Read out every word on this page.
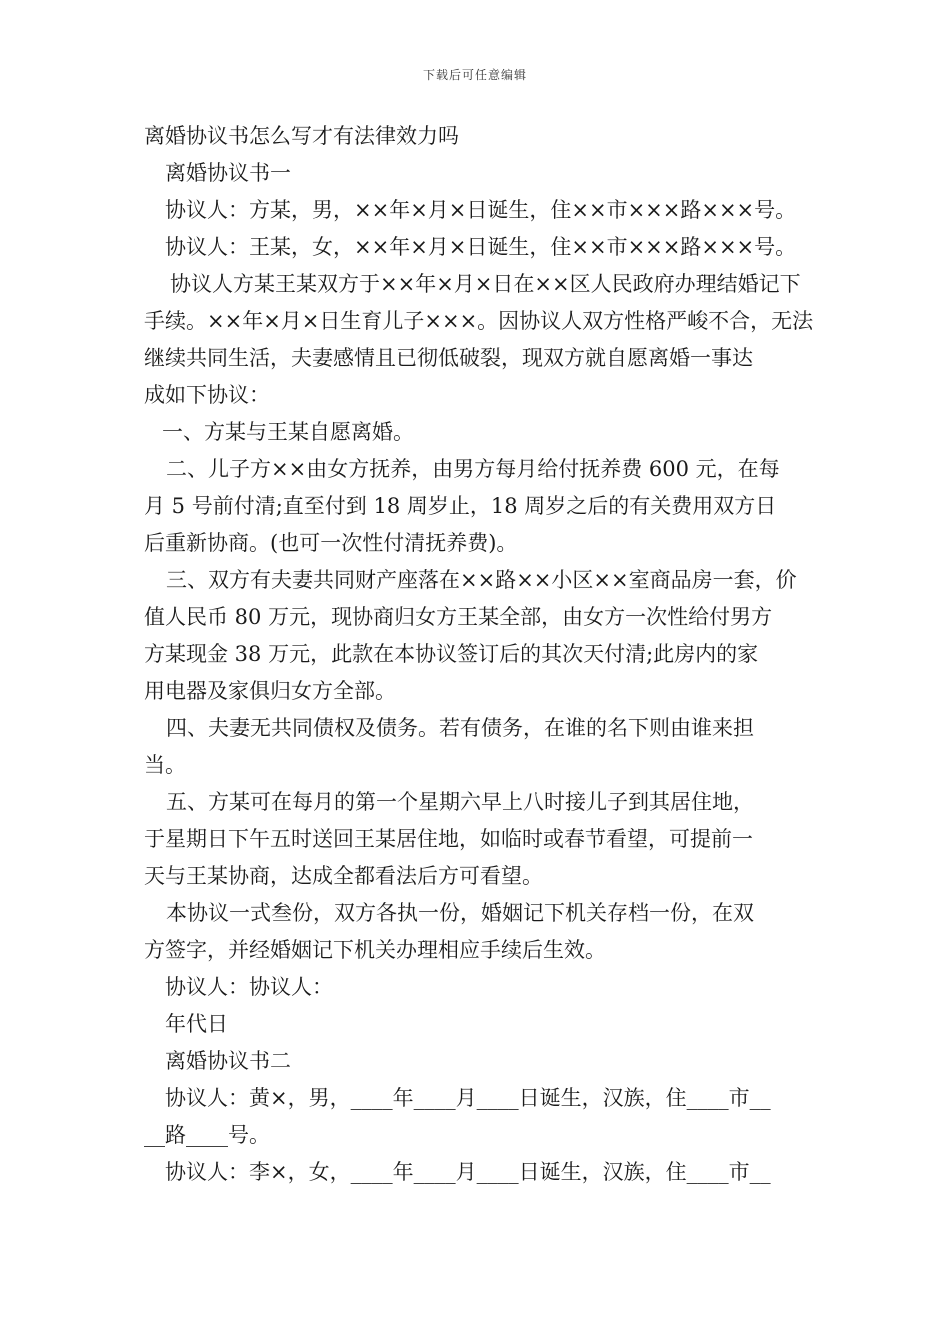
下载后可任意编辑
离婚协议书怎么写才有法律效力吗
离婚协议书一
协议人：方某，男，××年×月×日诞生，住××市×××路×××号。
协议人：王某，女，××年×月×日诞生，住××市×××路×××号。
协议人方某王某双方于××年×月×日在××区人民政府办理结婚记下
手续。××年×月×日生育儿子×××。因协议人双方性格严峻不合，无法
继续共同生活，夫妻感情且已彻低破裂，现双方就自愿离婚一事达
成如下协议：
一、方某与王某自愿离婚。
二、儿子方××由女方抚养，由男方每月给付抚养费 600 元，在每
月 5 号前付清;直至付到 18 周岁止，18 周岁之后的有关费用双方日
后重新协商。(也可一次性付清抚养费)。
三、双方有夫妻共同财产座落在××路××小区××室商品房一套，价
值人民币 80 万元，现协商归女方王某全部，由女方一次性给付男方
方某现金 38 万元，此款在本协议签订后的其次天付清;此房内的家
用电器及家俱归女方全部。
四、夫妻无共同债权及债务。若有债务，在谁的名下则由谁来担
当。
五、方某可在每月的第一个星期六早上八时接儿子到其居住地，
于星期日下午五时送回王某居住地，如临时或春节看望，可提前一
天与王某协商，达成全都看法后方可看望。
本协议一式叁份，双方各执一份，婚姻记下机关存档一份，在双
方签字，并经婚姻记下机关办理相应手续后生效。
协议人：协议人：
年代日
离婚协议书二
协议人：黄×，男，____年____月____日诞生，汉族，住____市__
__路____号。
协议人：李×，女，____年____月____日诞生，汉族，住____市__
